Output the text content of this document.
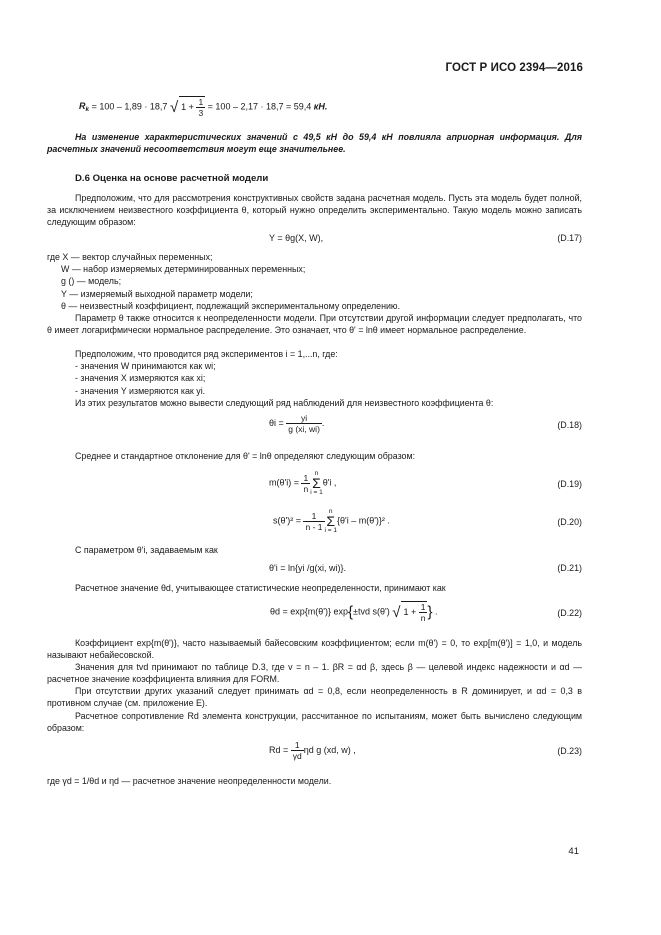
ГОСТ Р ИСО 2394—2016
$R_k = 100 - 1,89 \cdot 18,7$ √ $1 + \frac{1}{3} = 100 - 2,17 \cdot 18,7 = 59,4$ кН.

На изменение характеристических значений с 49,5 кН до 59,4 кН повлияла априорная информация. Для расчетных значений несоответствия могут еще значительнее.

D.6 Оценка на основе расчетной модели

Предположим, что для рассмотрения конструктивных свойств задана расчетная модель. Пусть эта модель будет полной, за исключением неизвестного коэффициента θ, который нужно определить экспериментально. Такую модель можно записать следующим образом:

Y = θg(X, W),	(D.17)
где X — вектор случайных переменных;
W — набор измеряемых детерминированных переменных;
g () — модель;
Y — измеряемый выходной параметр модели;
θ — неизвестный коэффициент, подлежащий экспериментальному определению.

Параметр θ также относится к неопределенности модели. При отсутствии другой информации следует предполагать, что θ имеет логарифмически нормальное распределение. Это означает, что θ' = lnθ имеет нормальное распределение.

Предположим, что проводится ряд экспериментов i = 1,...n, где:

- значения W принимаются как wi;
- значения X измеряются как xi;
- значения Y измеряются как yi.

Из этих результатов можно вывести следующий ряд наблюдений для неизвестного коэффициента θ:

$\theta i = \frac{yi}{g (xi, wi)}$ .	(D.18)

Среднее и стандартное отклонение для θ' = lnθ определяют следующим образом:

$m(\theta'i) = \frac{1}{n}$ n
Σ
i = 1θ'i ,	(D.19)
$s(\theta')^2 = \frac{1}{n - 1}$ n
Σ
i = 1{θ'i – m(θ')}² .	(D.20)

С параметром θ'i, задаваемым как

θ'i = ln{yi /g(xi, wi)}.	(D.21)

Расчетное значение θd, учитывающее статистические неопределенности, принимают как

θd = exp{m(θ')} exp{±tvd s(θ') √ $1 + \frac{1}{n}$ } .	(D.22)

Коэффициент exp{m(θ')}, часто называемый байесовским коэффициентом; если m(θ') = 0, то exp[m(θ')] = 1,0, и модель называют небайесовской.

Значения для tvd принимают по таблице D.3, где v = n – 1. βR = αd β, здесь β — целевой индекс надежности и αd — расчетное значение коэффициента влияния для FORM.

При отсутствии других указаний следует принимать αd = 0,8, если неопределенность в R доминирует, и αd = 0,3 в противном случае (см. приложение Е).

Расчетное сопротивление Rd элемента конструкции, рассчитанное по испытаниям, может быть вычислено следующим образом:

$Rd = \frac{1}{\gamma d}$ ηd g (xd, w) ,	(D.23)

где γd = 1/θd и ηd — расчетное значение неопределенности модели.

41
